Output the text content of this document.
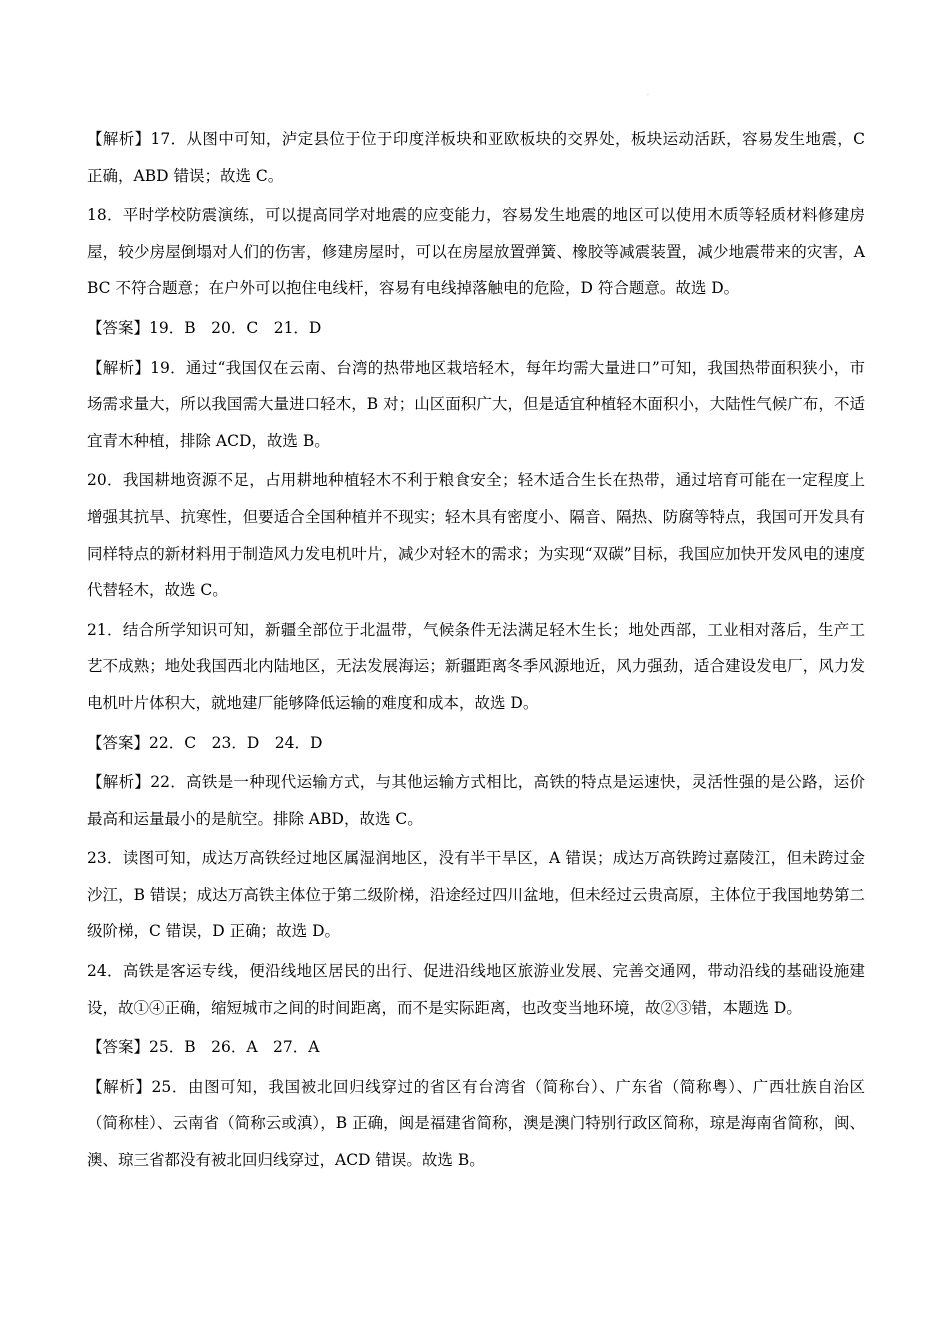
·

【解析】17．从图中可知，泸定县位于位于印度洋板块和亚欧板块的交界处，板块运动活跃，容易发生地震，C 正确，ABD 错误；故选 C。

18．平时学校防震演练，可以提高同学对地震的应变能力，容易发生地震的地区可以使用木质等轻质材料修建房屋，较少房屋倒塌对人们的伤害，修建房屋时，可以在房屋放置弹簧、橡胶等减震装置，减少地震带来的灾害，ABC 不符合题意；在户外可以抱住电线杆，容易有电线掉落触电的危险，D 符合题意。故选 D。

【答案】19．B　20．C　21．D

【解析】19．通过“我国仅在云南、台湾的热带地区栽培轻木，每年均需大量进口”可知，我国热带面积狭小，市场需求量大，所以我国需大量进口轻木，B 对；山区面积广大，但是适宜种植轻木面积小，大陆性气候广布，不适宜青木种植，排除 ACD，故选 B。

20．我国耕地资源不足，占用耕地种植轻木不利于粮食安全；轻木适合生长在热带，通过培育可能在一定程度上增强其抗旱、抗寒性，但要适合全国种植并不现实；轻木具有密度小、隔音、隔热、防腐等特点，我国可开发具有同样特点的新材料用于制造风力发电机叶片，减少对轻木的需求；为实现“双碳”目标，我国应加快开发风电的速度代替轻木，故选 C。

21．结合所学知识可知，新疆全部位于北温带，气候条件无法满足轻木生长；地处西部，工业相对落后，生产工艺不成熟；地处我国西北内陆地区，无法发展海运；新疆距离冬季风源地近，风力强劲，适合建设发电厂，风力发电机叶片体积大，就地建厂能够降低运输的难度和成本，故选 D。

【答案】22．C　23．D　24．D

【解析】22．高铁是一种现代运输方式，与其他运输方式相比，高铁的特点是运速快，灵活性强的是公路，运价最高和运量最小的是航空。排除 ABD，故选 C。

23．读图可知，成达万高铁经过地区属湿润地区，没有半干旱区，A 错误；成达万高铁跨过嘉陵江，但未跨过金沙江，B 错误；成达万高铁主体位于第二级阶梯，沿途经过四川盆地，但未经过云贵高原，主体位于我国地势第二级阶梯，C 错误，D 正确；故选 D。

24．高铁是客运专线，便沿线地区居民的出行、促进沿线地区旅游业发展、完善交通网，带动沿线的基础设施建设，故①④正确，缩短城市之间的时间距离，而不是实际距离，也改变当地环境，故②③错，本题选 D。

【答案】25．B　26．A　27．A

【解析】25．由图可知，我国被北回归线穿过的省区有台湾省（简称台）、广东省（简称粤）、广西壮族自治区（简称桂）、云南省（简称云或滇），B 正确，闽是福建省简称，澳是澳门特别行政区简称，琼是海南省简称，闽、澳、琼三省都没有被北回归线穿过，ACD 错误。故选 B。
